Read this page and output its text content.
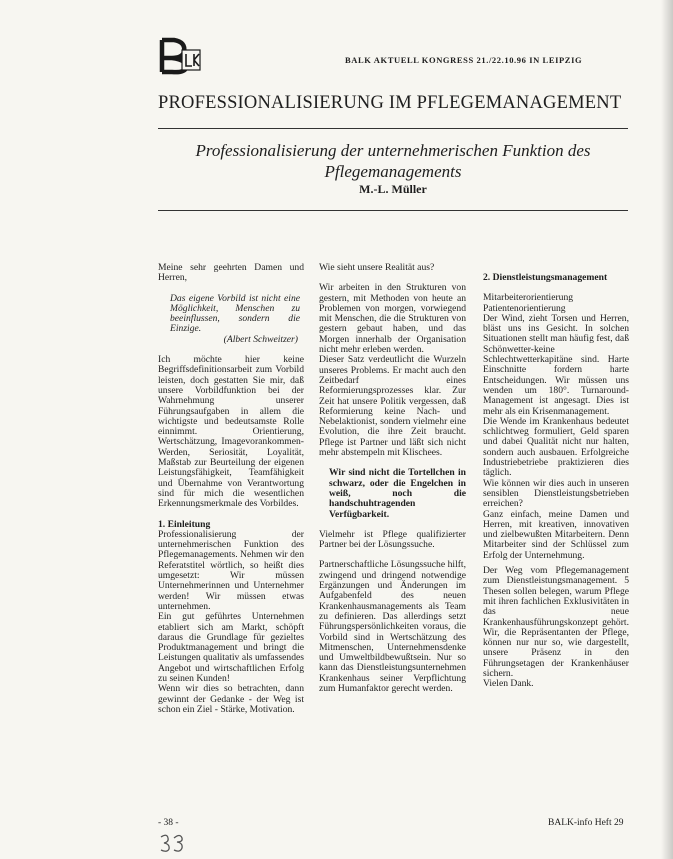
BALK AKTUELL KONGRESS 21./22.10.96 IN LEIPZIG
PROFESSIONALISIERUNG IM PFLEGEMANAGEMENT
Professionalisierung der unternehmerischen Funktion des Pflegemanagements
M.-L. Müller

Meine sehr geehrten Damen und Herren,

Das eigene Vorbild ist nicht eine Möglichkeit, Menschen zu beeinflussen, sondern die Einzige.

(Albert Schweitzer)

Ich möchte hier keine Begriffsdefinitionsarbeit zum Vorbild leisten, doch gestatten Sie mir, daß unsere Vorbildfunktion bei der Wahrnehmung unserer Führungsaufgaben in allem die wichtigste und bedeutsamste Rolle einnimmt. Orientierung, Wertschätzung, Imagevorankommen-Werden, Seriosität, Loyalität, Maßstab zur Beurteilung der eigenen Leistungsfähigkeit, Teamfähigkeit und Übernahme von Verantwortung sind für mich die wesentlichen Erkennungsmerkmale des Vorbildes.

1. Einleitung

Professionalisierung der unternehmerischen Funktion des Pflegemanagements. Nehmen wir den Referatstitel wörtlich, so heißt dies umgesetzt: Wir müssen Unternehmerinnen und Unternehmer werden! Wir müssen etwas unternehmen.

Ein gut geführtes Unternehmen etabliert sich am Markt, schöpft daraus die Grundlage für gezieltes Produktmanagement und bringt die Leistungen qualitativ als umfassendes Angebot und wirtschaftlichen Erfolg zu seinen Kunden!

Wenn wir dies so betrachten, dann gewinnt der Gedanke - der Weg ist schon ein Ziel - Stärke, Motivation.

Wie sieht unsere Realität aus?

Wir arbeiten in den Strukturen von gestern, mit Methoden von heute an Problemen von morgen, vorwiegend mit Menschen, die die Strukturen von gestern gebaut haben, und das Morgen innerhalb der Organisation nicht mehr erleben werden.

Dieser Satz verdeutlicht die Wurzeln unseres Problems. Er macht auch den Zeitbedarf eines Reformierungsprozesses klar. Zur Zeit hat unsere Politik vergessen, daß Reformierung keine Nach- und Nebelaktionist, sondern vielmehr eine Evolution, die ihre Zeit braucht. Pflege ist Partner und läßt sich nicht mehr abstempeln mit Klischees.

Wir sind nicht die Tortellchen in schwarz, oder die Engelchen in weiß, noch die handschuhtragenden Verfügbarkeit.

Vielmehr ist Pflege qualifizierter Partner bei der Lösungssuche.

Partnerschaftliche Lösungssuche hilft, zwingend und dringend notwendige Ergänzungen und Änderungen im Aufgabenfeld des neuen Krankenhausmanagements als Team zu definieren. Das allerdings setzt Führungspersönlichkeiten voraus, die Vorbild sind in Wertschätzung des Mitmenschen, Unternehmensdenke und Umweltbildbewußtsein. Nur so kann das Dienstleistungsunternehmen Krankenhaus seiner Verpflichtung zum Humanfaktor gerecht werden.

2. Dienstleistungsmanagement

Mitarbeiterorientierung Patientenorientierung

Der Wind, zieht Torsen und Herren, bläst uns ins Gesicht. In solchen Situationen stellt man häufig fest, daß Schönwetter-keine Schlechtwetterkapitäne sind. Harte Einschnitte fordern harte Entscheidungen. Wir müssen uns wenden um 180°. Turnaround-Management ist angesagt. Dies ist mehr als ein Krisenmanagement.

Die Wende im Krankenhaus bedeutet schlichtweg formuliert, Geld sparen und dabei Qualität nicht nur halten, sondern auch ausbauen. Erfolgreiche Industriebetriebe praktizieren dies täglich.

Wie können wir dies auch in unseren sensiblen Dienstleistungsbetrieben erreichen?

Ganz einfach, meine Damen und Herren, mit kreativen, innovativen und zielbewußten Mitarbeitern. Denn Mitarbeiter sind der Schlüssel zum Erfolg der Unternehmung.

Der Weg vom Pflegemanagement zum Dienstleistungsmanagement. 5 Thesen sollen belegen, warum Pflege mit ihren fachlichen Exklusivitäten in das neue Krankenhausführungskonzept gehört. Wir, die Repräsentanten der Pflege, können nur nur so, wie dargestellt, unsere Präsenz in den Führungsetagen der Krankenhäuser sichern.

Vielen Dank.

- 38 -	BALK-info Heft 29
